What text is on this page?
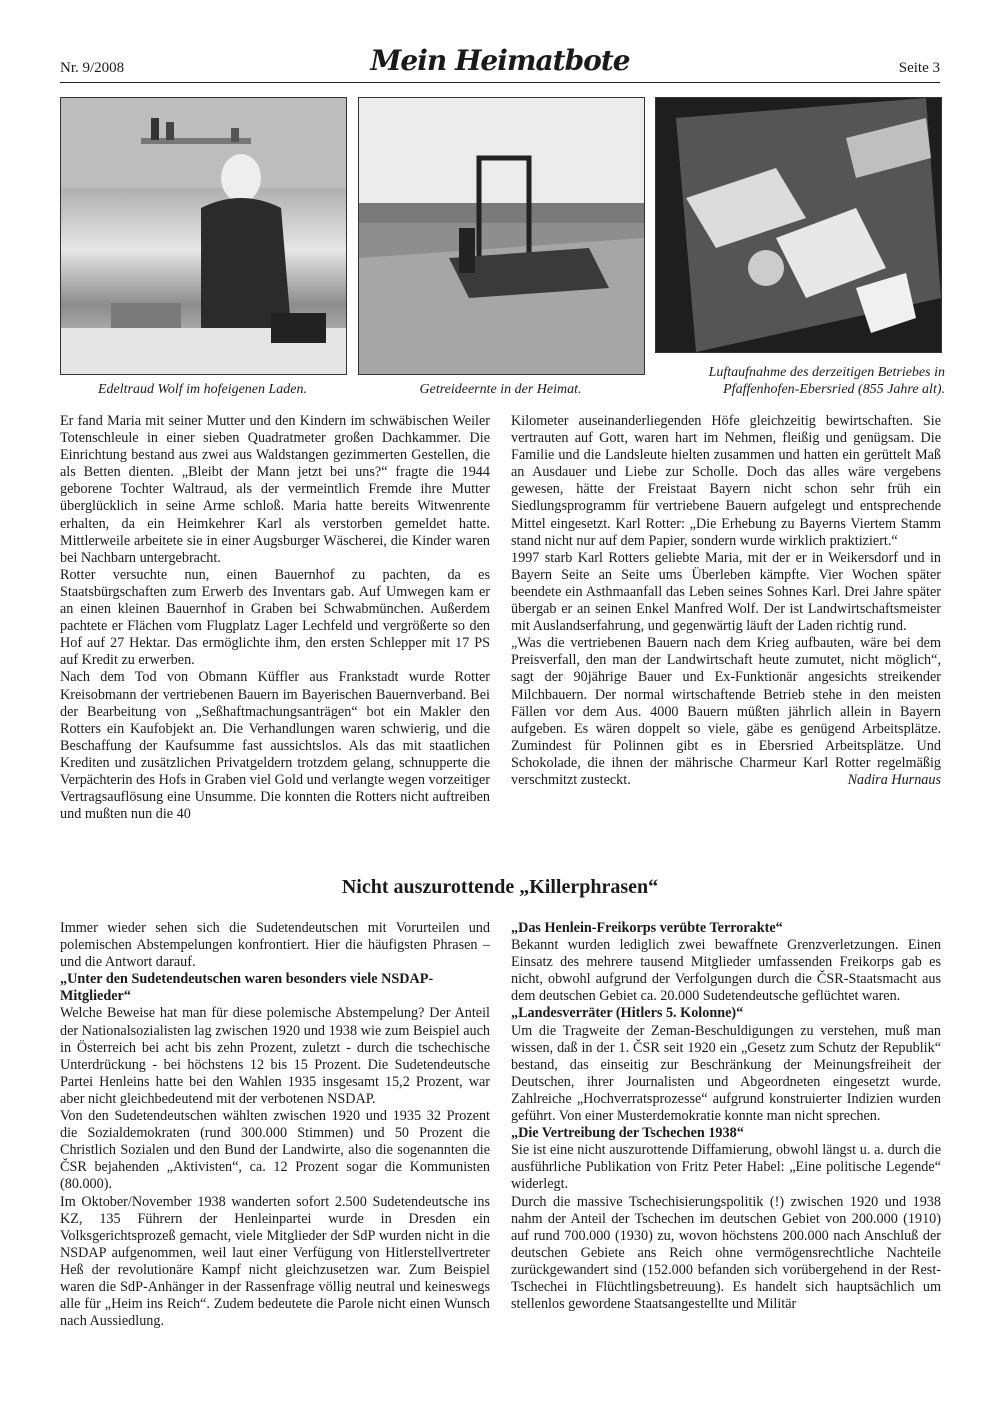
Nr. 9/2008	Mein Heimatbote	Seite 3
Edeltraud Wolf im hofeigenen Laden.	Getreideernte in der Heimat.
Luftaufnahme des derzeitigen Betriebes in Pfaffenhofen-Ebersried (855 Jahre alt).

Er fand Maria mit seiner Mutter und den Kindern im schwäbischen Weiler Totenschleule in einer sieben Quadratmeter großen Dachkammer. Die Einrichtung bestand aus zwei aus Waldstangen gezimmerten Gestellen, die als Betten dienten. „Bleibt der Mann jetzt bei uns?“ fragte die 1944 geborene Tochter Waltraud, als der vermeintlich Fremde ihre Mutter überglücklich in seine Arme schloß. Maria hatte bereits Witwenrente erhalten, da ein Heimkehrer Karl als verstorben gemeldet hatte. Mittlerweile arbeitete sie in einer Augsburger Wäscherei, die Kinder waren bei Nachbarn untergebracht.

Rotter versuchte nun, einen Bauernhof zu pachten, da es Staatsbürgschaften zum Erwerb des Inventars gab. Auf Umwegen kam er an einen kleinen Bauernhof in Graben bei Schwabmünchen. Außerdem pachtete er Flächen vom Flugplatz Lager Lechfeld und vergrößerte so den Hof auf 27 Hektar. Das ermöglichte ihm, den ersten Schlepper mit 17 PS auf Kredit zu erwerben.

Nach dem Tod von Obmann Küffler aus Frankstadt wurde Rotter Kreisobmann der vertriebenen Bauern im Bayerischen Bauernverband. Bei der Bearbeitung von „Seßhaftmachungsanträgen“ bot ein Makler den Rotters ein Kaufobjekt an. Die Verhandlungen waren schwierig, und die Beschaffung der Kaufsumme fast aussichtslos. Als das mit staatlichen Krediten und zusätzlichen Privatgeldern trotzdem gelang, schnupperte die Verpächterin des Hofs in Graben viel Gold und verlangte wegen vorzeitiger Vertragsauflösung eine Unsumme. Die konnten die Rotters nicht auftreiben und mußten nun die 40

Kilometer auseinanderliegenden Höfe gleichzeitig bewirtschaften. Sie vertrauten auf Gott, waren hart im Nehmen, fleißig und genügsam. Die Familie und die Landsleute hielten zusammen und hatten ein gerüttelt Maß an Ausdauer und Liebe zur Scholle. Doch das alles wäre vergebens gewesen, hätte der Freistaat Bayern nicht schon sehr früh ein Siedlungsprogramm für vertriebene Bauern aufgelegt und entsprechende Mittel eingesetzt. Karl Rotter: „Die Erhebung zu Bayerns Viertem Stamm stand nicht nur auf dem Papier, sondern wurde wirklich praktiziert.“

1997 starb Karl Rotters geliebte Maria, mit der er in Weikersdorf und in Bayern Seite an Seite ums Überleben kämpfte. Vier Wochen später beendete ein Asthmaanfall das Leben seines Sohnes Karl. Drei Jahre später übergab er an seinen Enkel Manfred Wolf. Der ist Landwirtschaftsmeister mit Auslandserfahrung, und gegenwärtig läuft der Laden richtig rund.

„Was die vertriebenen Bauern nach dem Krieg aufbauten, wäre bei dem Preisverfall, den man der Landwirtschaft heute zumutet, nicht möglich“, sagt der 90jährige Bauer und Ex-Funktionär angesichts streikender Milchbauern. Der normal wirtschaftende Betrieb stehe in den meisten Fällen vor dem Aus. 4000 Bauern müßten jährlich allein in Bayern aufgeben. Es wären doppelt so viele, gäbe es genügend Arbeitsplätze. Zumindest für Polinnen gibt es in Ebersried Arbeitsplätze. Und Schokolade, die ihnen der mährische Charmeur Karl Rotter regelmäßig verschmitzt zusteckt.	Nadira Hurnaus

Nicht auszurottende „Killerphrasen“

Immer wieder sehen sich die Sudetendeutschen mit Vorurteilen und polemischen Abstempelungen konfrontiert. Hier die häufigsten Phrasen – und die Antwort darauf.

„Unter den Sudetendeutschen waren besonders viele NSDAP-Mitglieder“

Welche Beweise hat man für diese polemische Abstempelung? Der Anteil der Nationalsozialisten lag zwischen 1920 und 1938 wie zum Beispiel auch in Österreich bei acht bis zehn Prozent, zuletzt - durch die tschechische Unterdrückung - bei höchstens 12 bis 15 Prozent. Die Sudetendeutsche Partei Henleins hatte bei den Wahlen 1935 insgesamt 15,2 Prozent, war aber nicht gleichbedeutend mit der verbotenen NSDAP.

Von den Sudetendeutschen wählten zwischen 1920 und 1935 32 Prozent die Sozialdemokraten (rund 300.000 Stimmen) und 50 Prozent die Christlich Sozialen und den Bund der Landwirte, also die sogenannten die ČSR bejahenden „Aktivisten“, ca. 12 Prozent sogar die Kommunisten (80.000).

Im Oktober/November 1938 wanderten sofort 2.500 Sudetendeutsche ins KZ, 135 Führern der Henleinpartei wurde in Dresden ein Volksgerichtsprozeß gemacht, viele Mitglieder der SdP wurden nicht in die NSDAP aufgenommen, weil laut einer Verfügung von Hitlerstellvertreter Heß der revolutionäre Kampf nicht gleichzusetzen war. Zum Beispiel waren die SdP-Anhänger in der Rassenfrage völlig neutral und keineswegs alle für „Heim ins Reich“. Zudem bedeutete die Parole nicht einen Wunsch nach Aussiedlung.

„Das Henlein-Freikorps verübte Terrorakte“

Bekannt wurden lediglich zwei bewaffnete Grenzverletzungen. Einen Einsatz des mehrere tausend Mitglieder umfassenden Freikorps gab es nicht, obwohl aufgrund der Verfolgungen durch die ČSR-Staatsmacht aus dem deutschen Gebiet ca. 20.000 Sudetendeutsche geflüchtet waren.

„Landesverräter (Hitlers 5. Kolonne)“

Um die Tragweite der Zeman-Beschuldigungen zu verstehen, muß man wissen, daß in der 1. ČSR seit 1920 ein „Gesetz zum Schutz der Republik“ bestand, das einseitig zur Beschränkung der Meinungsfreiheit der Deutschen, ihrer Journalisten und Abgeordneten eingesetzt wurde. Zahlreiche „Hochverratsprozesse“ aufgrund konstruierter Indizien wurden geführt. Von einer Musterdemokratie konnte man nicht sprechen.

„Die Vertreibung der Tschechen 1938“

Sie ist eine nicht auszurottende Diffamierung, obwohl längst u. a. durch die ausführliche Publikation von Fritz Peter Habel: „Eine politische Legende“ widerlegt.

Durch die massive Tschechisierungspolitik (!) zwischen 1920 und 1938 nahm der Anteil der Tschechen im deutschen Gebiet von 200.000 (1910) auf rund 700.000 (1930) zu, wovon höchstens 200.000 nach Anschluß der deutschen Gebiete ans Reich ohne vermögensrechtliche Nachteile zurückgewandert sind (152.000 befanden sich vorübergehend in der Rest-Tschechei in Flüchtlingsbetreuung). Es handelt sich hauptsächlich um stellenlos gewordene Staatsangestellte und Militär
